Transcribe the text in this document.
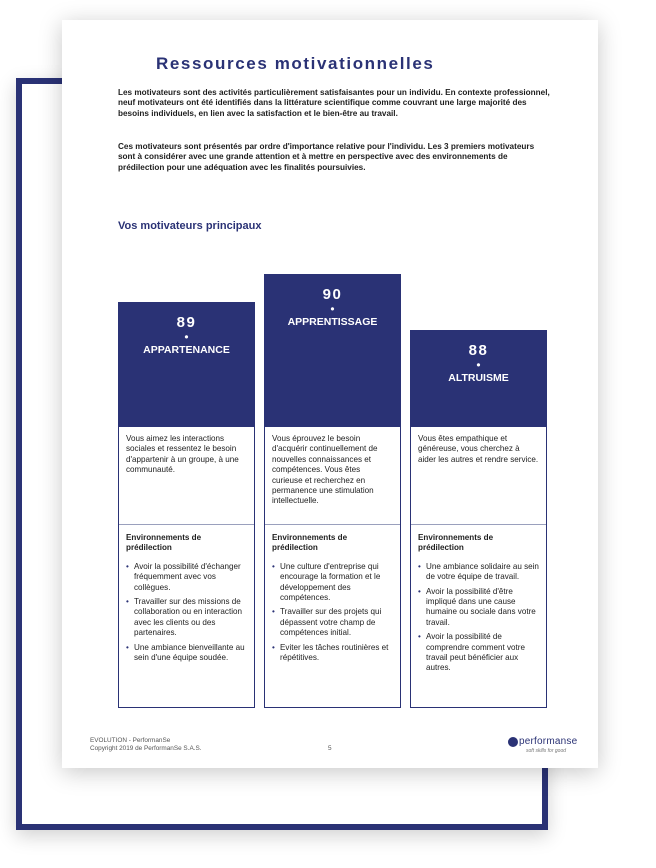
Ressources motivationnelles

Les motivateurs sont des activités particulièrement satisfaisantes pour un individu. En contexte professionnel, neuf motivateurs ont été identifiés dans la littérature scientifique comme couvrant une large majorité des besoins individuels, en lien avec la satisfaction et le bien-être au travail.

Ces motivateurs sont présentés par ordre d'importance relative pour l'individu. Les 3 premiers motivateurs sont à considérer avec une grande attention et à mettre en perspective avec des environnements de prédilection pour une adéquation avec les finalités poursuivies.

Vos motivateurs principaux
89
•
APPARTENANCE
90
•
APPRENTISSAGE
88
•
ALTRUISME

Vous aimez les interactions sociales et ressentez le besoin d'appartenir à un groupe, à une communauté.

Environnements de prédilection

• Avoir la possibilité d'échanger fréquemment avec vos collègues.
• Travailler sur des missions de collaboration ou en interaction avec les clients ou des partenaires.
• Une ambiance bienveillante au sein d'une équipe soudée.

Vous éprouvez le besoin d'acquérir continuellement de nouvelles connaissances et compétences. Vous êtes curieuse et recherchez en permanence une stimulation intellectuelle.

Environnements de prédilection

• Une culture d'entreprise qui encourage la formation et le développement des compétences.
• Travailler sur des projets qui dépassent votre champ de compétences initial.
• Eviter les tâches routinières et répétitives.

Vous êtes empathique et généreuse, vous cherchez à aider les autres et rendre service.

Environnements de prédilection

• Une ambiance solidaire au sein de votre équipe de travail.
• Avoir la possibilité d'être impliqué dans une cause humaine ou sociale dans votre travail.
• Avoir la possibilité de comprendre comment votre travail peut bénéficier aux autres.
EVOLUTION - PerformanSe
Copyright 2019 de PerformanSe S.A.S.	5
performanse
soft skills for good
